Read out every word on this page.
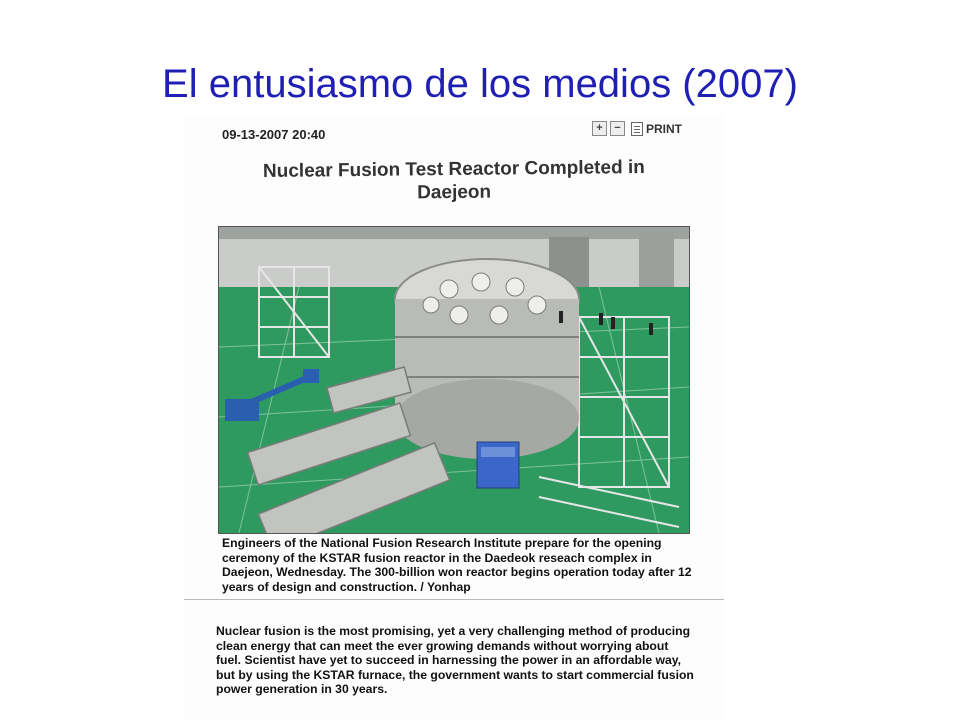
El entusiasmo de los medios (2007)
09-13-2007 20:40	+	−	PRINT
Nuclear Fusion Test Reactor Completed in Daejeon
Engineers of the National Fusion Research Institute prepare for the opening ceremony of the KSTAR fusion reactor in the Daedeok reseach complex in Daejeon, Wednesday. The 300-billion won reactor begins operation today after 12 years of design and construction. / Yonhap
Nuclear fusion is the most promising, yet a very challenging method of producing clean energy that can meet the ever growing demands without worrying about fuel. Scientist have yet to succeed in harnessing the power in an affordable way, but by using the KSTAR furnace, the government wants to start commercial fusion power generation in 30 years.
